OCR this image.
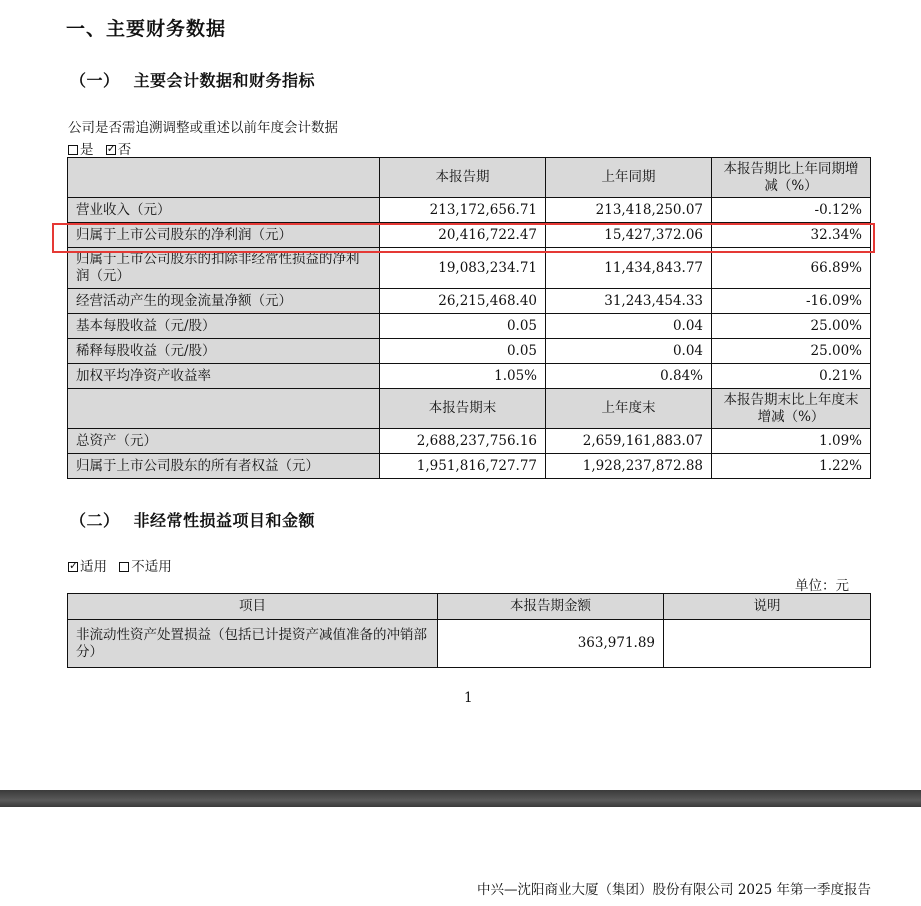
一、主要财务数据
（一） 主要会计数据和财务指标
公司是否需追溯调整或重述以前年度会计数据
是 ✓ 否
	本报告期	上年同期	本报告期比上年同期增减（%）
营业收入（元）	213,172,656.71	213,418,250.07	-0.12%
归属于上市公司股东的净利润（元）	20,416,722.47	15,427,372.06	32.34%
归属于上市公司股东的扣除非经常性损益的净利润（元）	19,083,234.71	11,434,843.77	66.89%
经营活动产生的现金流量净额（元）	26,215,468.40	31,243,454.33	-16.09%
基本每股收益（元/股）	0.05	0.04	25.00%
稀释每股收益（元/股）	0.05	0.04	25.00%
加权平均净资产收益率	1.05%	0.84%	0.21%
	本报告期末	上年度末	本报告期末比上年度末增减（%）
总资产（元）	2,688,237,756.16	2,659,161,883.07	1.09%
归属于上市公司股东的所有者权益（元）	1,951,816,727.77	1,928,237,872.88	1.22%
（二） 非经常性损益项目和金额
✓适用 不适用
单位：元
项目	本报告期金额	说明
非流动性资产处置损益（包括已计提资产减值准备的冲销部分）	363,971.89	
1
中兴—沈阳商业大厦（集团）股份有限公司 2025 年第一季度报告
